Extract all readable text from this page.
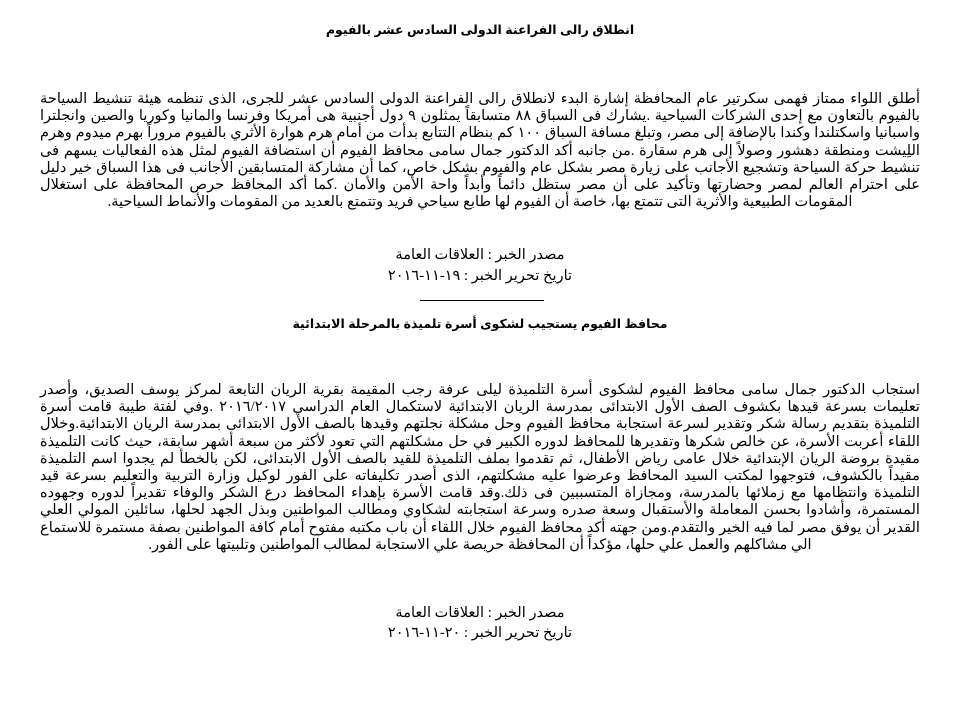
انطلاق رالى الفراعنة الدولى السادس عشر بالفيوم

أطلق اللواء ممتاز فهمى سكرتير عام المحافظة إشارة البدء لانطلاق رالى الفراعنة الدولى السادس عشر للجرى، الذى تنظمه هيئة تنشيط السياحة بالفيوم بالتعاون مع إحدى الشركات السياحية .يشارك فى السباق ٨٨ متسابقاً يمثلون ٩ دول أجنبية هى أمريكا وفرنسا والمانيا وكوريا والصين وانجلترا واسبانيا واسكتلندا وكندا بالإضافة إلى مصر، وتبلغ مسافة السباق ١٠٠ كم بنظام التتابع بدأت من أمام هرم هوارة الأثري بالفيوم مروراً بهرم ميدوم وهرم اللِيشت ومنطقة دهشور وصولاً إلى هرم سقارة .من جانبه أكد الدكتور جمال سامى محافظ الفيوم أن استضافة الفيوم لمثل هذه الفعاليات يسهم فى تنشيط حركة السياحة وتشجيع الأجانب على زيارة مصر بشكل عام والفيوم بشكل خاص، كما أن مشاركة المتسابقين الأجانب فى هذا السباق خير دليل على احترام العالم لمصر وحضارتها وتأكيد على أن مصر ستظل دائماً وأبداً واحة الأمن والأمان .كما أكد المحافظ حرص المحافظة على استغلال المقومات الطبيعية والأثرية التى تتمتع بها، خاصة أن الفيوم لها طابع سياحي فريد وتتمتع بالعديد من المقومات والأنماط السياحية.

مصدر الخبر : العلاقات العامة

تاريخ تحرير الخبر : ١٩-١١-٢٠١٦

محافظ الفيوم يستجيب لشكوى أسرة تلميذة بالمرحلة الابتدائية

استجاب الدكتور جمال سامى محافظ الفيوم لشكوى أسرة التلميذة ليلى عرفة رجب المقيمة بقرية الريان التابعة لمركز يوسف الصديق، وأصدر تعليمات بسرعة قيدها بكشوف الصف الأول الابتدائى بمدرسة الريان الابتدائية لاستكمال العام الدراسي ٢٠١٦/٢٠١٧ .وفي لفتة طيبة قامت أسرة التلميذة بتقديم رسالة شكر وتقدير لسرعة استجابة محافظ الفيوم وحل مشكلة نجلتهم وقيدها بالصف الأول الابتدائى بمدرسة الريان الابتدائية.وخلال اللقاء أعربت الأسرة، عن خالص شكرها وتقديرها للمحافظ لدوره الكبير في حل مشكلتهم التي تعود لأكثر من سبعة أشهر سابقة، حيث كانت التلميذة مقيدة بروضة الريان الإبتدائية خلال عامى رياض الأطفال، ثم تقدموا بملف التلميذة للقيد بالصف الأول الابتدائى، لكن بالخطأ لم يجدوا اسم التلميذة مقيداً بالكشوف، فتوجهوا لمكتب السيد المحافظ وعرضوا عليه مشكلتهم، الذى أصدر تكليفاته على الفور لوكيل وزارة التربية والتعليم بسرعة قيد التلميذة وانتظامها مع زملائها بالمدرسة، ومجازاة المتسببين فى ذلك.وقد قامت الأسرة بإهداء المحافظ درع الشكر والوفاء تقديراً لدوره وجهوده المستمرة، وأشادوا بحسن المعاملة والأستقبال وسعة صدره وسرعة استجابته لشكاوي ومطالب المواطنين وبذل الجهد لحلها، سائلين المولي العلي القدير أن يوفق مصر لما فيه الخير والتقدم.ومن جهته أكد محافظ الفيوم خلال اللقاء أن باب مكتبه مفتوح أمام كافة المواطنين بصفة مستمرة للاستماع الي مشاكلهم والعمل علي حلها، مؤكداً أن المحافظة حريصة علي الاستجابة لمطالب المواطنين وتلبيتها على الفور.

مصدر الخبر : العلاقات العامة

تاريخ تحرير الخبر : ٢٠-١١-٢٠١٦
